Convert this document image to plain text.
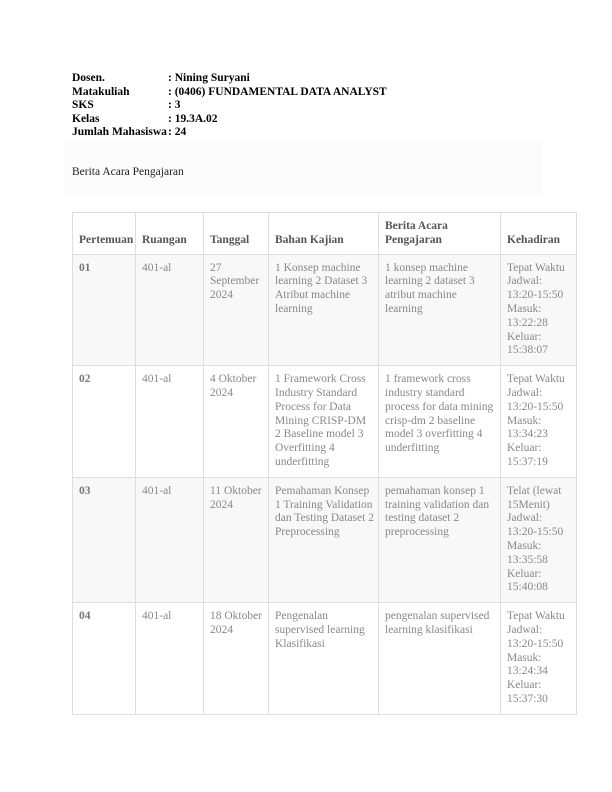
Dosen.	: Nining Suryani
Matakuliah	: (0406) FUNDAMENTAL DATA ANALYST
SKS	: 3
Kelas	: 19.3A.02
Jumlah Mahasiswa : 24
Berita Acara Pengajaran
Pertemuan	Ruangan	Tanggal	Bahan Kajian	Berita Acara Pengajaran	Kehadiran
01	401-al	27 September 2024	1 Konsep machine learning 2 Dataset 3 Atribut machine learning	1 konsep machine learning 2 dataset 3 atribut machine learning	Tepat Waktu
Jadwal: 13:20-15:50
Masuk: 13:22:28
Keluar: 15:38:07

02	401-al	4 Oktober 2024	1 Framework Cross Industry Standard Process for Data Mining CRISP-DM 2 Baseline model 3 Overfitting 4 underfitting	1 framework cross industry standard process for data mining crisp-dm 2 baseline model 3 overfitting 4 underfitting	Tepat Waktu
Jadwal: 13:20-15:50
Masuk: 13:34:23
Keluar: 15:37:19

03	401-al	11 Oktober 2024	Pemahaman Konsep 1 Training Validation dan Testing Dataset 2 Preprocessing	pemahaman konsep 1 training validation dan testing dataset 2 preprocessing	Telat (lewat 15Menit)
Jadwal: 13:20-15:50
Masuk: 13:35:58
Keluar: 15:40:08

04	401-al	18 Oktober 2024	Pengenalan supervised learning Klasifikasi	pengenalan supervised learning klasifikasi	Tepat Waktu
Jadwal: 13:20-15:50
Masuk: 13:24:34
Keluar: 15:37:30
